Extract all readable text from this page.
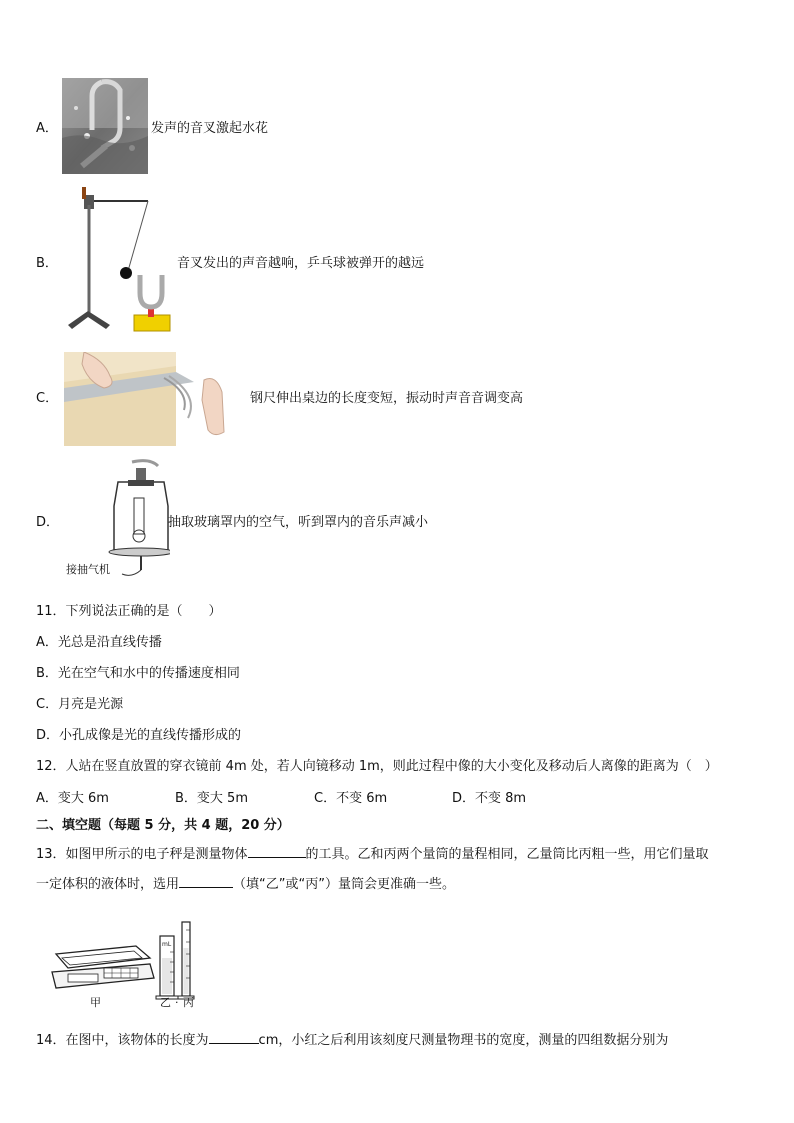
A．	发声的音叉激起水花
B．	音叉发出的声音越响，乒乓球被弹开的越远
C．	钢尺伸出桌边的长度变短，振动时声音音调变高
D．
接抽气机
抽取玻璃罩内的空气，听到罩内的音乐声减小
11．下列说法正确的是（　　）
A．光总是沿直线传播
B．光在空气和水中的传播速度相同
C．月亮是光源
D．小孔成像是光的直线传播形成的
12．人站在竖直放置的穿衣镜前 4m 处，若人向镜移动 1m，则此过程中像的大小变化及移动后人离像的距离为（　）
A．变大 6m	B．变大 5m	C．不变 6m	D．不变 8m
二、填空题（每题 5 分，共 4 题，20 分）
13．如图甲所示的电子秤是测量物体	的工具。乙和丙两个量筒的量程相同，乙量筒比丙粗一些，用它们量取
一定体积的液体时，选用	（填“乙”或“丙”）量筒会更准确一些。
mL
甲	乙 · 丙
14．在图中，该物体的长度为	cm，小红之后利用该刻度尺测量物理书的宽度，测量的四组数据分别为
